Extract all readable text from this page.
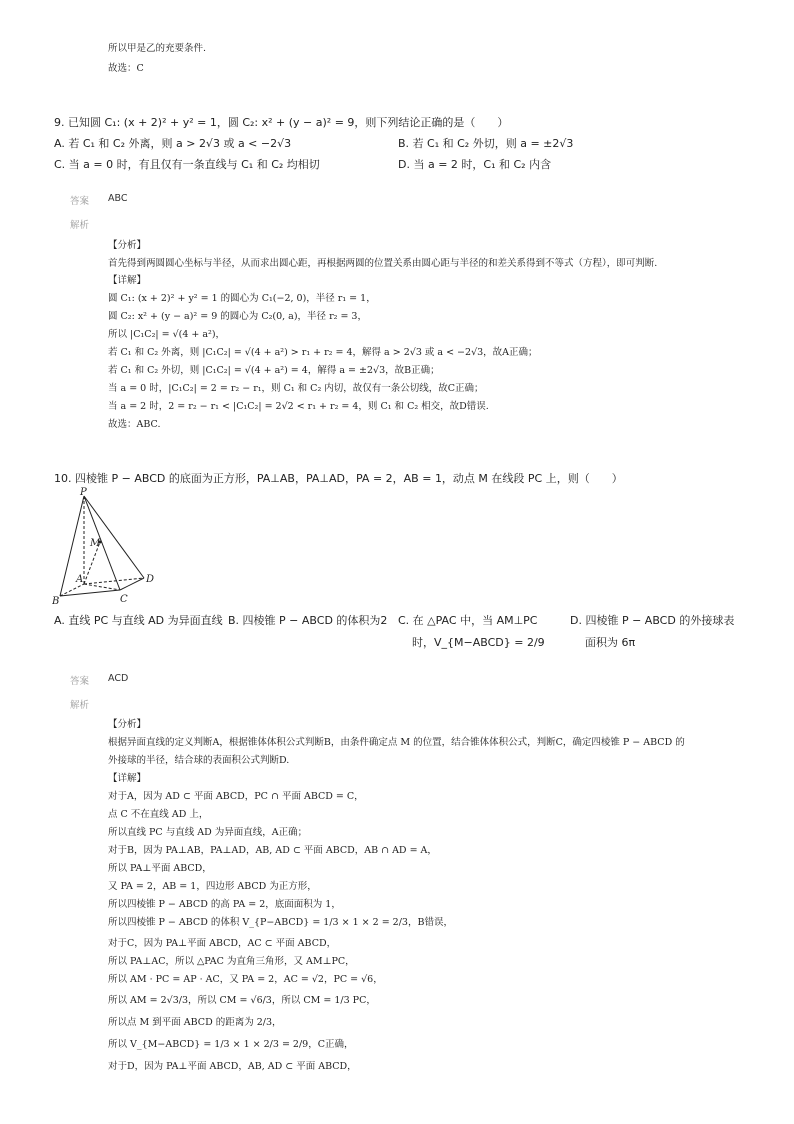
所以甲是乙的充要条件.
故选：C
9. 已知圆 C₁: (x + 2)² + y² = 1，圆 C₂: x² + (y − a)² = 9，则下列结论正确的是（　　）
A. 若 C₁ 和 C₂ 外离，则 a > 2√3 或 a < −2√3	B. 若 C₁ 和 C₂ 外切，则 a = ±2√3
C. 当 a = 0 时，有且仅有一条直线与 C₁ 和 C₂ 均相切	D. 当 a = 2 时，C₁ 和 C₂ 内含
答案 ABC
解析
【分析】
首先得到两圆圆心坐标与半径，从而求出圆心距，再根据两圆的位置关系由圆心距与半径的和差关系得到不等式（方程），即可判断.
【详解】
圆 C₁: (x + 2)² + y² = 1 的圆心为 C₁(−2, 0)，半径 r₁ = 1，
圆 C₂: x² + (y − a)² = 9 的圆心为 C₂(0, a)，半径 r₂ = 3，
所以 |C₁C₂| = √(4 + a²)，
若 C₁ 和 C₂ 外离，则 |C₁C₂| = √(4 + a²) > r₁ + r₂ = 4，解得 a > 2√3 或 a < −2√3，故A正确；
若 C₁ 和 C₂ 外切，则 |C₁C₂| = √(4 + a²) = 4，解得 a = ±2√3，故B正确；
当 a = 0 时，|C₁C₂| = 2 = r₂ − r₁，则 C₁ 和 C₂ 内切，故仅有一条公切线，故C正确；
当 a = 2 时，2 = r₂ − r₁ < |C₁C₂| = 2√2 < r₁ + r₂ = 4，则 C₁ 和 C₂ 相交，故D错误.
故选：ABC.
10. 四棱锥 P − ABCD 的底面为正方形，PA⊥AB，PA⊥AD，PA = 2，AB = 1，动点 M 在线段 PC 上，则（　　）
P
M
A
B	C
D
A. 直线 PC 与直线 AD 为异面直线 B. 四棱锥 P − ABCD 的体积为2 C. 在 △PAC 中，当 AM⊥PC
时，V_{M−ABCD} = 2/9
D. 四棱锥 P − ABCD 的外接球表
面积为 6π
答案 ACD
解析
【分析】
根据异面直线的定义判断A，根据锥体体积公式判断B，由条件确定点 M 的位置，结合锥体体积公式，判断C，确定四棱锥 P − ABCD 的
外接球的半径，结合球的表面积公式判断D.
【详解】
对于A，因为 AD ⊂ 平面 ABCD，PC ∩ 平面 ABCD = C，
点 C 不在直线 AD 上，
所以直线 PC 与直线 AD 为异面直线，A正确；
对于B，因为 PA⊥AB，PA⊥AD，AB, AD ⊂ 平面 ABCD，AB ∩ AD = A，
所以 PA⊥平面 ABCD，
又 PA = 2，AB = 1，四边形 ABCD 为正方形，
所以四棱锥 P − ABCD 的高 PA = 2，底面面积为 1，
所以四棱锥 P − ABCD 的体积 V_{P−ABCD} = 1/3 × 1 × 2 = 2/3，B错误，
对于C，因为 PA⊥平面 ABCD，AC ⊂ 平面 ABCD，
所以 PA⊥AC，所以 △PAC 为直角三角形，又 AM⊥PC，
所以 AM · PC = AP · AC，又 PA = 2，AC = √2，PC = √6，
所以 AM = 2√3/3，所以 CM = √6/3，所以 CM = 1/3 PC，
所以点 M 到平面 ABCD 的距离为 2/3，
所以 V_{M−ABCD} = 1/3 × 1 × 2/3 = 2/9，C正确，
对于D，因为 PA⊥平面 ABCD，AB, AD ⊂ 平面 ABCD，
